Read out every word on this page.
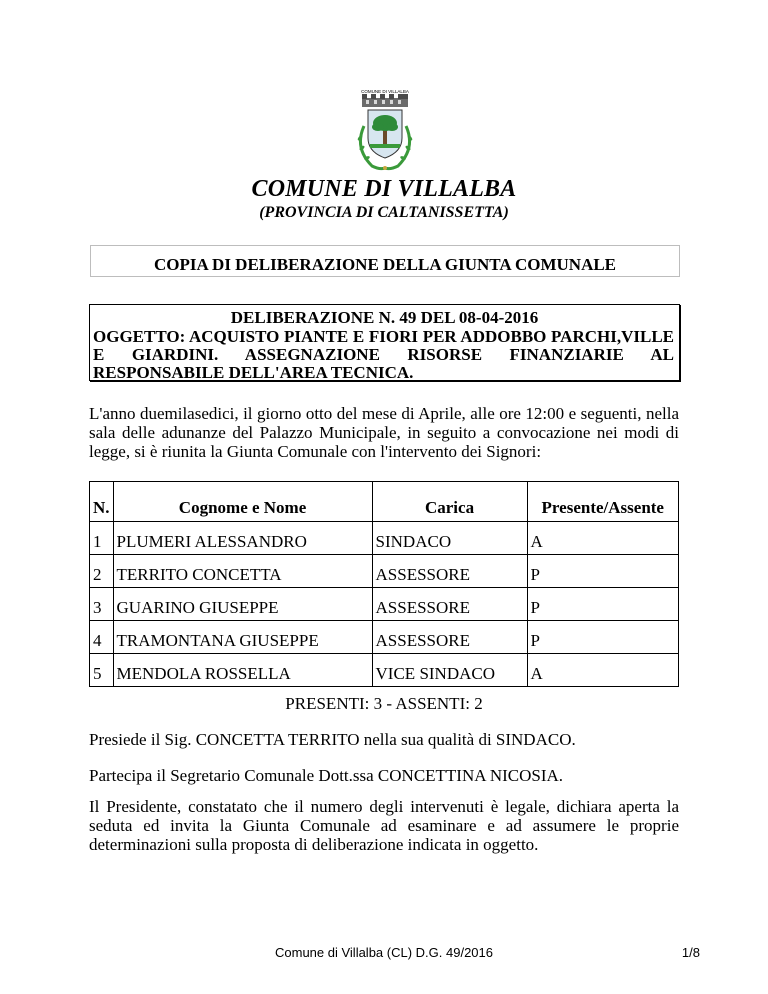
COMUNE DI VILLALBA
COMUNE DI VILLALBA
(PROVINCIA DI CALTANISSETTA)
COPIA DI DELIBERAZIONE DELLA GIUNTA COMUNALE
DELIBERAZIONE N. 49 DEL 08-04-2016
OGGETTO: ACQUISTO PIANTE E FIORI PER ADDOBBO PARCHI,VILLE E GIARDINI. ASSEGNAZIONE RISORSE FINANZIARIE AL RESPONSABILE DELL'AREA TECNICA.
L'anno duemilasedici, il giorno otto del mese di Aprile, alle ore 12:00 e seguenti, nella sala delle adunanze del Palazzo Municipale, in seguito a convocazione nei modi di legge, si è riunita la Giunta Comunale con l'intervento dei Signori:
N.	Cognome e Nome	Carica	Presente/Assente
1	PLUMERI ALESSANDRO	SINDACO	A
2	TERRITO CONCETTA	ASSESSORE	P
3	GUARINO GIUSEPPE	ASSESSORE	P
4	TRAMONTANA GIUSEPPE	ASSESSORE	P
5	MENDOLA ROSSELLA	VICE SINDACO	A
PRESENTI: 3 - ASSENTI: 2
Presiede il Sig. CONCETTA TERRITO nella sua qualità di SINDACO.
Partecipa il Segretario Comunale Dott.ssa CONCETTINA NICOSIA.
Il Presidente, constatato che il numero degli intervenuti è legale, dichiara aperta la seduta ed invita la Giunta Comunale ad esaminare e ad assumere le proprie determinazioni sulla proposta di deliberazione indicata in oggetto.
Comune di Villalba (CL) D.G. 49/2016	1/8
